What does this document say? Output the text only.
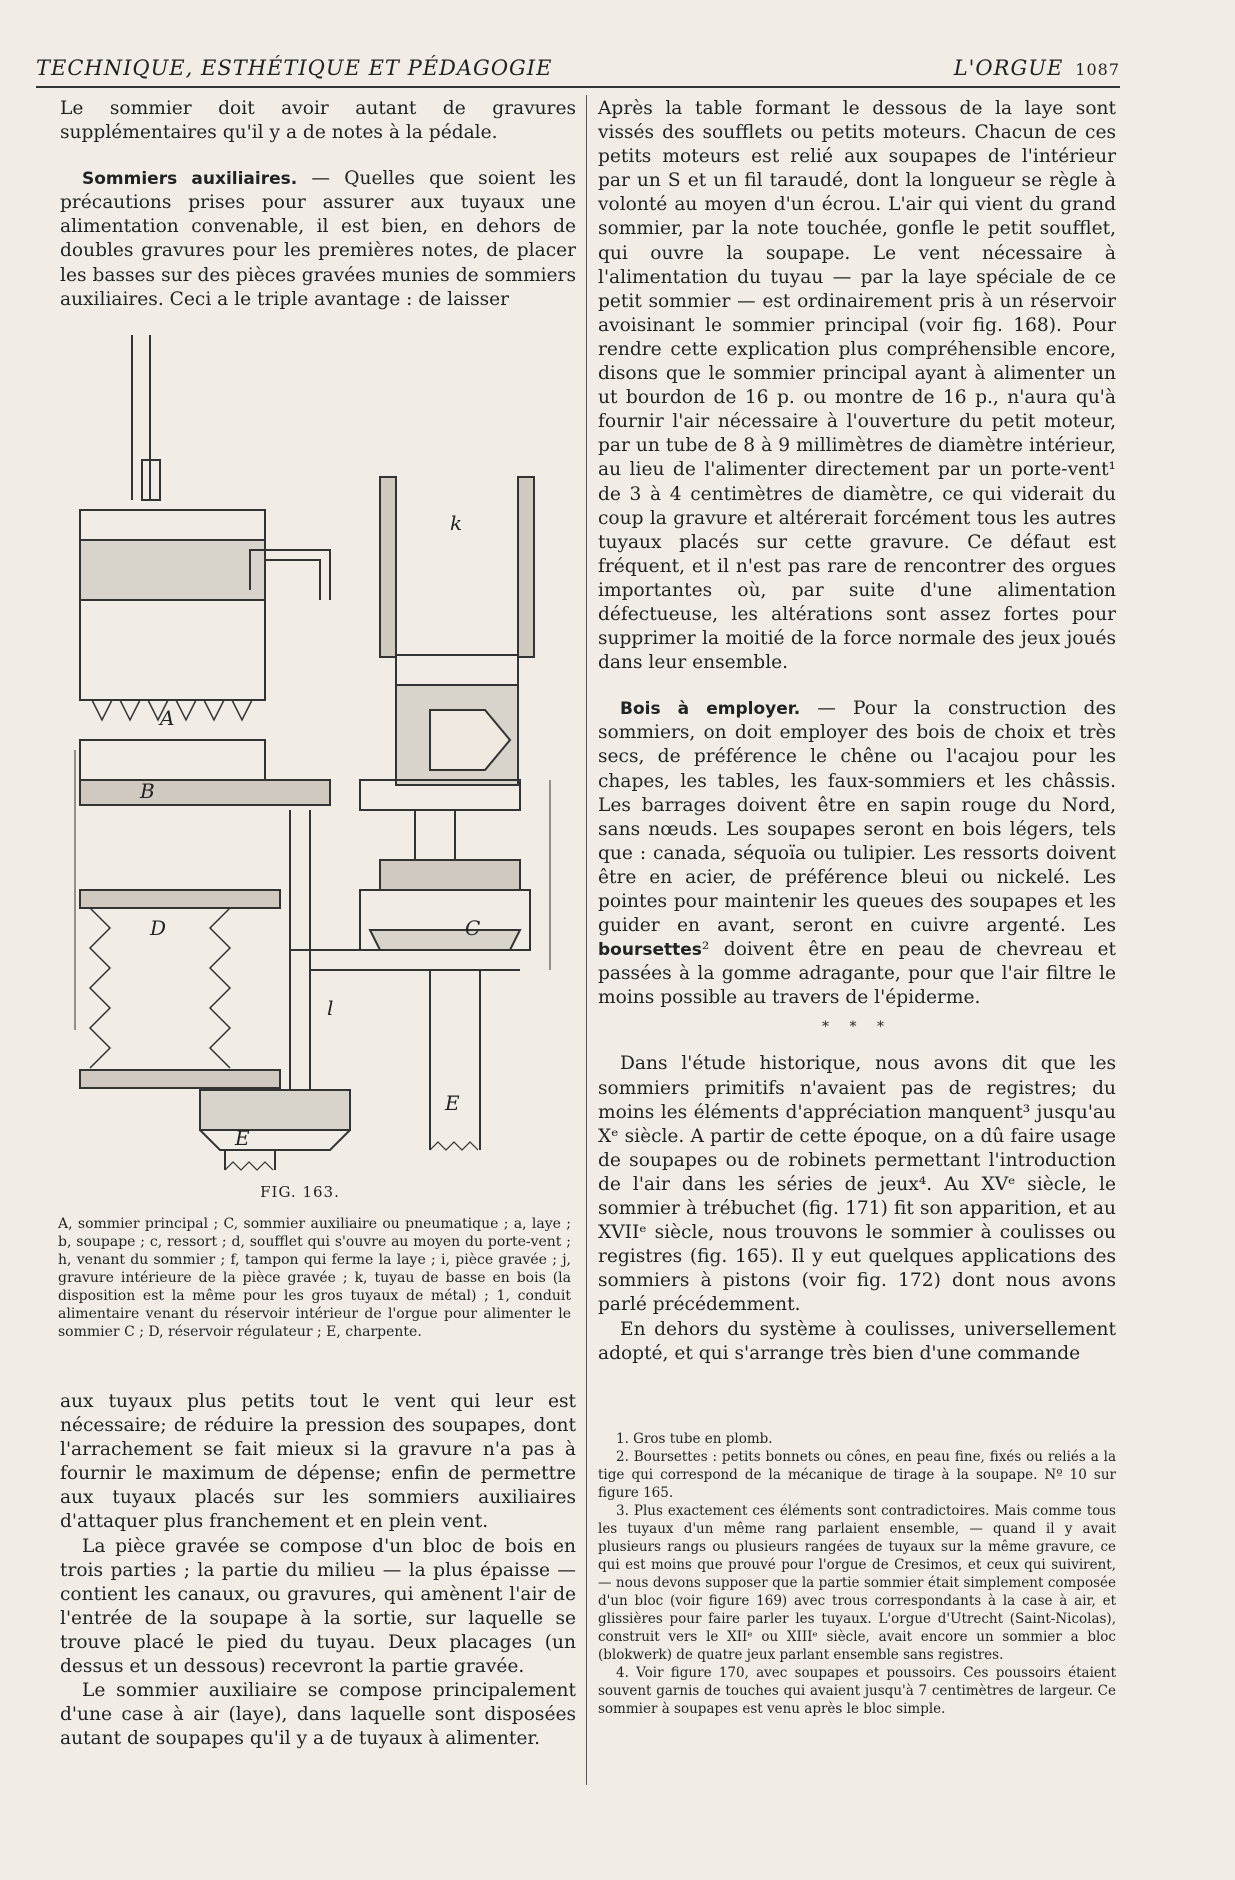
TECHNIQUE, ESTHÉTIQUE ET PÉDAGOGIE	L'ORGUE 1087

Le sommier doit avoir autant de gravures supplémentaires qu'il y a de notes à la pédale.

Sommiers auxiliaires. — Quelles que soient les précautions prises pour assurer aux tuyaux une alimentation convenable, il est bien, en dehors de doubles gravures pour les premières notes, de placer les basses sur des pièces gravées munies de sommiers auxiliaires. Ceci a le triple avantage : de laisser

A
B
D	C
k
l
E
E
FIG. 163.
A, sommier principal ; C, sommier auxiliaire ou pneumatique ; a, laye ; b, soupape ; c, ressort ; d, soufflet qui s'ouvre au moyen du porte-vent ; h, venant du sommier ; f, tampon qui ferme la laye ; i, pièce gravée ; j, gravure intérieure de la pièce gravée ; k, tuyau de basse en bois (la disposition est la même pour les gros tuyaux de métal) ; 1, conduit alimentaire venant du réservoir intérieur de l'orgue pour alimenter le sommier C ; D, réservoir régulateur ; E, charpente.

aux tuyaux plus petits tout le vent qui leur est nécessaire; de réduire la pression des soupapes, dont l'arrachement se fait mieux si la gravure n'a pas à fournir le maximum de dépense; enfin de permettre aux tuyaux placés sur les sommiers auxiliaires d'attaquer plus franchement et en plein vent.

La pièce gravée se compose d'un bloc de bois en trois parties ; la partie du milieu — la plus épaisse — contient les canaux, ou gravures, qui amènent l'air de l'entrée de la soupape à la sortie, sur laquelle se trouve placé le pied du tuyau. Deux placages (un dessus et un dessous) recevront la partie gravée.

Le sommier auxiliaire se compose principalement d'une case à air (laye), dans laquelle sont disposées autant de soupapes qu'il y a de tuyaux à alimenter.

Après la table formant le dessous de la laye sont vissés des soufflets ou petits moteurs. Chacun de ces petits moteurs est relié aux soupapes de l'intérieur par un S et un fil taraudé, dont la longueur se règle à volonté au moyen d'un écrou. L'air qui vient du grand sommier, par la note touchée, gonfle le petit soufflet, qui ouvre la soupape. Le vent nécessaire à l'alimentation du tuyau — par la laye spéciale de ce petit sommier — est ordinairement pris à un réservoir avoisinant le sommier principal (voir fig. 168). Pour rendre cette explication plus compréhensible encore, disons que le sommier principal ayant à alimenter un ut bourdon de 16 p. ou montre de 16 p., n'aura qu'à fournir l'air nécessaire à l'ouverture du petit moteur, par un tube de 8 à 9 millimètres de diamètre intérieur, au lieu de l'alimenter directement par un porte-vent¹ de 3 à 4 centimètres de diamètre, ce qui viderait du coup la gravure et altérerait forcément tous les autres tuyaux placés sur cette gravure. Ce défaut est fréquent, et il n'est pas rare de rencontrer des orgues importantes où, par suite d'une alimentation défectueuse, les altérations sont assez fortes pour supprimer la moitié de la force normale des jeux joués dans leur ensemble.

Bois à employer. — Pour la construction des sommiers, on doit employer des bois de choix et très secs, de préférence le chêne ou l'acajou pour les chapes, les tables, les faux-sommiers et les châssis. Les barrages doivent être en sapin rouge du Nord, sans nœuds. Les soupapes seront en bois légers, tels que : canada, séquoïa ou tulipier. Les ressorts doivent être en acier, de préférence bleui ou nickelé. Les pointes pour maintenir les queues des soupapes et les guider en avant, seront en cuivre argenté. Les boursettes² doivent être en peau de chevreau et passées à la gomme adragante, pour que l'air filtre le moins possible au travers de l'épiderme.

* * *

Dans l'étude historique, nous avons dit que les sommiers primitifs n'avaient pas de registres; du moins les éléments d'appréciation manquent³ jusqu'au Xᵉ siècle. A partir de cette époque, on a dû faire usage de soupapes ou de robinets permettant l'introduction de l'air dans les séries de jeux⁴. Au XVᵉ siècle, le sommier à trébuchet (fig. 171) fit son apparition, et au XVIIᵉ siècle, nous trouvons le sommier à coulisses ou registres (fig. 165). Il y eut quelques applications des sommiers à pistons (voir fig. 172) dont nous avons parlé précédemment.

En dehors du système à coulisses, universellement adopté, et qui s'arrange très bien d'une commande

1. Gros tube en plomb.

2. Boursettes : petits bonnets ou cônes, en peau fine, fixés ou reliés a la tige qui correspond de la mécanique de tirage à la soupape. Nº 10 sur figure 165.

3. Plus exactement ces éléments sont contradictoires. Mais comme tous les tuyaux d'un même rang parlaient ensemble, — quand il y avait plusieurs rangs ou plusieurs rangées de tuyaux sur la même gravure, ce qui est moins que prouvé pour l'orgue de Cresimos, et ceux qui suivirent, — nous devons supposer que la partie sommier était simplement composée d'un bloc (voir figure 169) avec trous correspondants à la case à air, et glissières pour faire parler les tuyaux. L'orgue d'Utrecht (Saint-Nicolas), construit vers le XIIᵉ ou XIIIᵉ siècle, avait encore un sommier a bloc (blokwerk) de quatre jeux parlant ensemble sans registres.

4. Voir figure 170, avec soupapes et poussoirs. Ces poussoirs étaient souvent garnis de touches qui avaient jusqu'à 7 centimètres de largeur. Ce sommier à soupapes est venu après le bloc simple.
